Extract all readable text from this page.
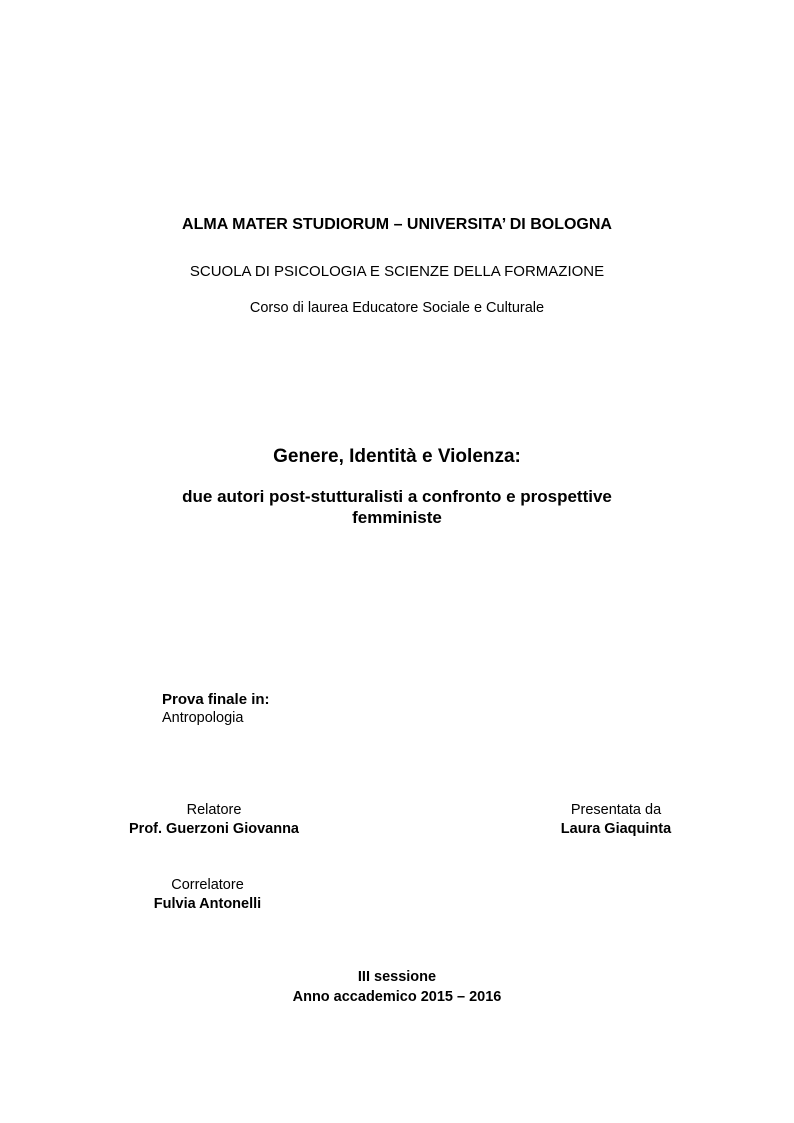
ALMA MATER STUDIORUM – UNIVERSITA’ DI BOLOGNA

SCUOLA DI PSICOLOGIA E SCIENZE DELLA FORMAZIONE

Corso di laurea Educatore Sociale e Culturale

Genere, Identità e Violenza:

due autori post-stutturalisti a confronto e prospettive femministe

Prova finale in:

Antropologia

Relatore
Prof. Guerzoni Giovanna
Presentata da
Laura Giaquinta
Correlatore
Fulvia Antonelli
III sessione
Anno accademico 2015 – 2016
